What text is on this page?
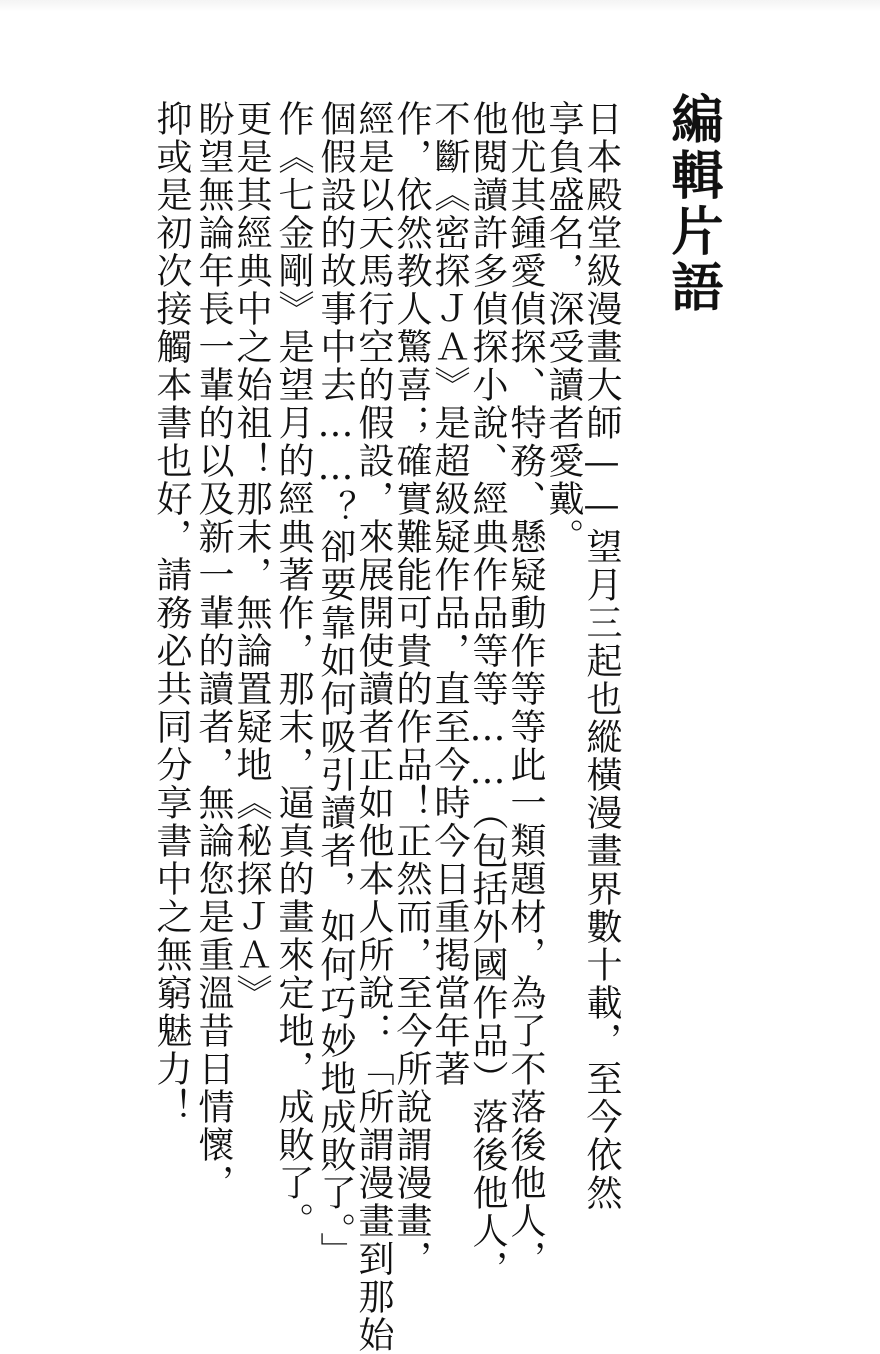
編輯片語

日本殿堂級漫畫大師——望月三起也縱橫漫畫界數十載，至今依然

享負盛名，深受讀者愛戴。

他尤其鍾愛偵探、特務、懸疑動作等等此一類題材，為了不落後他人，

他閱讀許多偵探小說、經典作品等等……（包括外國作品）落後他人，

不斷《密探ＪＡ》是超級疑作品，直至今時今日重掲當年著

作，依然教人驚喜；確實難能可貴的作品！正然而，至今所說謂漫畫，

經是以天馬行空的假設，來展開使讀者正如他本人所說：「所謂漫畫到那始

個假設的故事中去……？卻要靠如何吸引讀者，如何巧妙地成敗了。」

作《七金剛》是望月的經典著作，那末，逼真的畫來定地，成敗了。

更是其經典中之始祖！那末，無論置疑地《秘探ＪＡ》

盼望無論年長一輩的以及新一輩的讀者，無論您是重溫昔日情懷，

抑或是初次接觸本書也好，請務必共同分享書中之無窮魅力！
